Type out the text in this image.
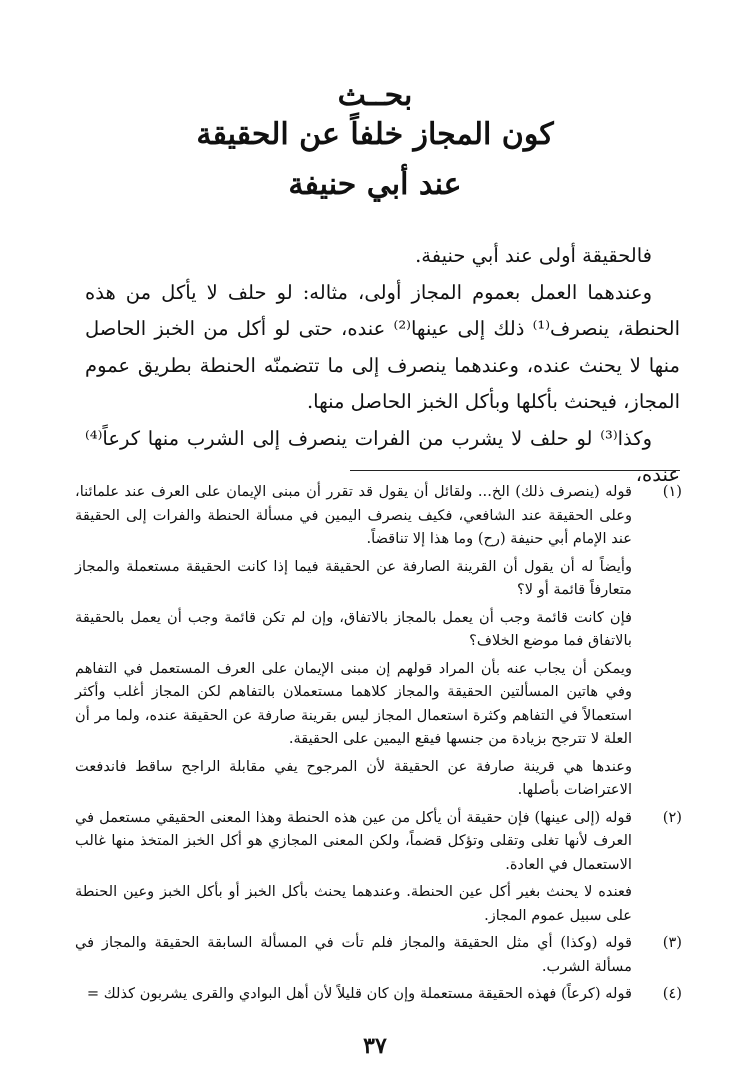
بحــث
كون المجاز خلفاً عن الحقيقة
عند أبي حنيفة

فالحقيقة أولى عند أبي حنيفة.

وعندهما العمل بعموم المجاز أولى، مثاله: لو حلف لا يأكل من هذه الحنطة، ينصرف⁽¹⁾ ذلك إلى عينها⁽²⁾ عنده، حتى لو أكل من الخبز الحاصل منها لا يحنث عنده، وعندهما ينصرف إلى ما تتضمنّه الحنطة بطريق عموم المجاز، فيحنث بأكلها وبأكل الخبز الحاصل منها.

وكذا⁽³⁾ لو حلف لا يشرب من الفرات ينصرف إلى الشرب منها كرعاً⁽⁴⁾ عنده،

(١)

قوله (ينصرف ذلك) الخ... ولقائل أن يقول قد تقرر أن مبنى الإيمان على العرف عند علمائنا، وعلى الحقيقة عند الشافعي، فكيف ينصرف اليمين في مسألة الحنطة والفرات إلى الحقيقة عند الإمام أبي حنيفة (رح) وما هذا إلا تناقضاً.

وأيضاً له أن يقول أن القرينة الصارفة عن الحقيقة فيما إذا كانت الحقيقة مستعملة والمجاز متعارفاً قائمة أو لا؟

فإن كانت قائمة وجب أن يعمل بالمجاز بالاتفاق، وإن لم تكن قائمة وجب أن يعمل بالحقيقة بالاتفاق فما موضع الخلاف؟

ويمكن أن يجاب عنه بأن المراد قولهم إن مبنى الإيمان على العرف المستعمل في التفاهم وفي هاتين المسألتين الحقيقة والمجاز كلاهما مستعملان بالتفاهم لكن المجاز أغلب وأكثر استعمالاً في التفاهم وكثرة استعمال المجاز ليس بقرينة صارفة عن الحقيقة عنده، ولما مر أن العلة لا تترجح بزيادة من جنسها فيقع اليمين على الحقيقة.

وعندها هي قرينة صارفة عن الحقيقة لأن المرجوح يفي مقابلة الراجح ساقط فاندفعت الاعتراضات بأصلها.

(٢)

قوله (إلى عينها) فإن حقيقة أن يأكل من عين هذه الحنطة وهذا المعنى الحقيقي مستعمل في العرف لأنها تغلى وتقلى وتؤكل قضماً، ولكن المعنى المجازي هو أكل الخبز المتخذ منها غالب الاستعمال في العادة.

فعنده لا يحنث بغير أكل عين الحنطة. وعندهما يحنث بأكل الخبز أو بأكل الخبز وعين الحنطة على سبيل عموم المجاز.

(٣)

قوله (وكذا) أي مثل الحقيقة والمجاز فلم تأت في المسألة السابقة الحقيقة والمجاز في مسألة الشرب.

(٤)

قوله (كرعاً) فهذه الحقيقة مستعملة وإن كان قليلاً لأن أهل البوادي والقرى يشربون كذلك =

٣٧
